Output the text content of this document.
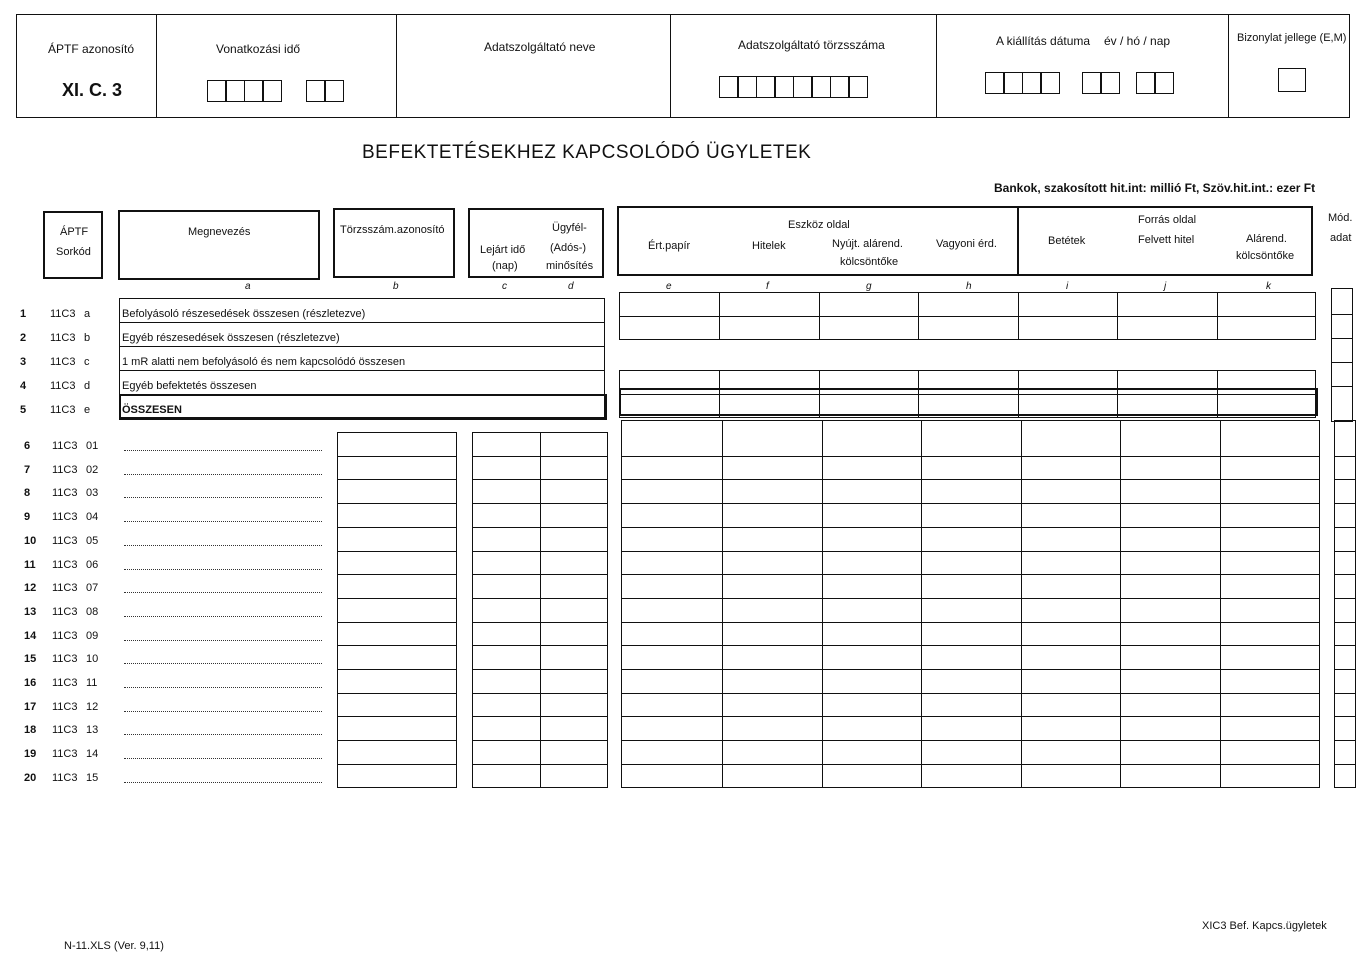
ÁPTF azonosító
XI. C. 3
Vonatkozási idő	Adatszolgáltató neve	Adatszolgáltató törzsszáma	A kiállítás dátuma év / hó / nap	Bizonylat jellege (E,M)
BEFEKTETÉSEKHEZ KAPCSOLÓDÓ ÜGYLETEK
Bankok, szakosított hit.int: millió Ft, Szöv.hit.int.: ezer Ft
ÁPTF
Sorkód
Megnevezés	Törzsszám.azonosító
Lejárt idő
(nap)
Ügyfél-
(Adós-)
minősítés
Eszköz oldal
Ért.papír	Hitelek	Nyújt. alárend.
kölcsöntőke
Vagyoni érd.
Forrás oldal
Betétek	Felvett hitel	Alárend.
kölcsöntőke
Mód.
adat
a	b	c	d	e	f	g	h	i	j	k
1 11C3 a	Befolyásoló részesedések összesen (részletezve)
2 11C3 b	Egyéb részesedések összesen (részletezve)
3 11C3 c	1 mR alatti nem befolyásoló és nem kapcsolódó összesen
4 11C3 d	Egyéb befektetés összesen
5 11C3 e	ÖSSZESEN
6 11C3 01
7 11C3 02
8 11C3 03
9 11C3 04
10 11C3 05
11 11C3 06
12 11C3 07
13 11C3 08
14 11C3 09
15 11C3 10
16 11C3 11
17 11C3 12
18 11C3 13
19 11C3 14
20 11C3 15
N-11.XLS (Ver. 9,11)
XIC3 Bef. Kapcs.ügyletek
